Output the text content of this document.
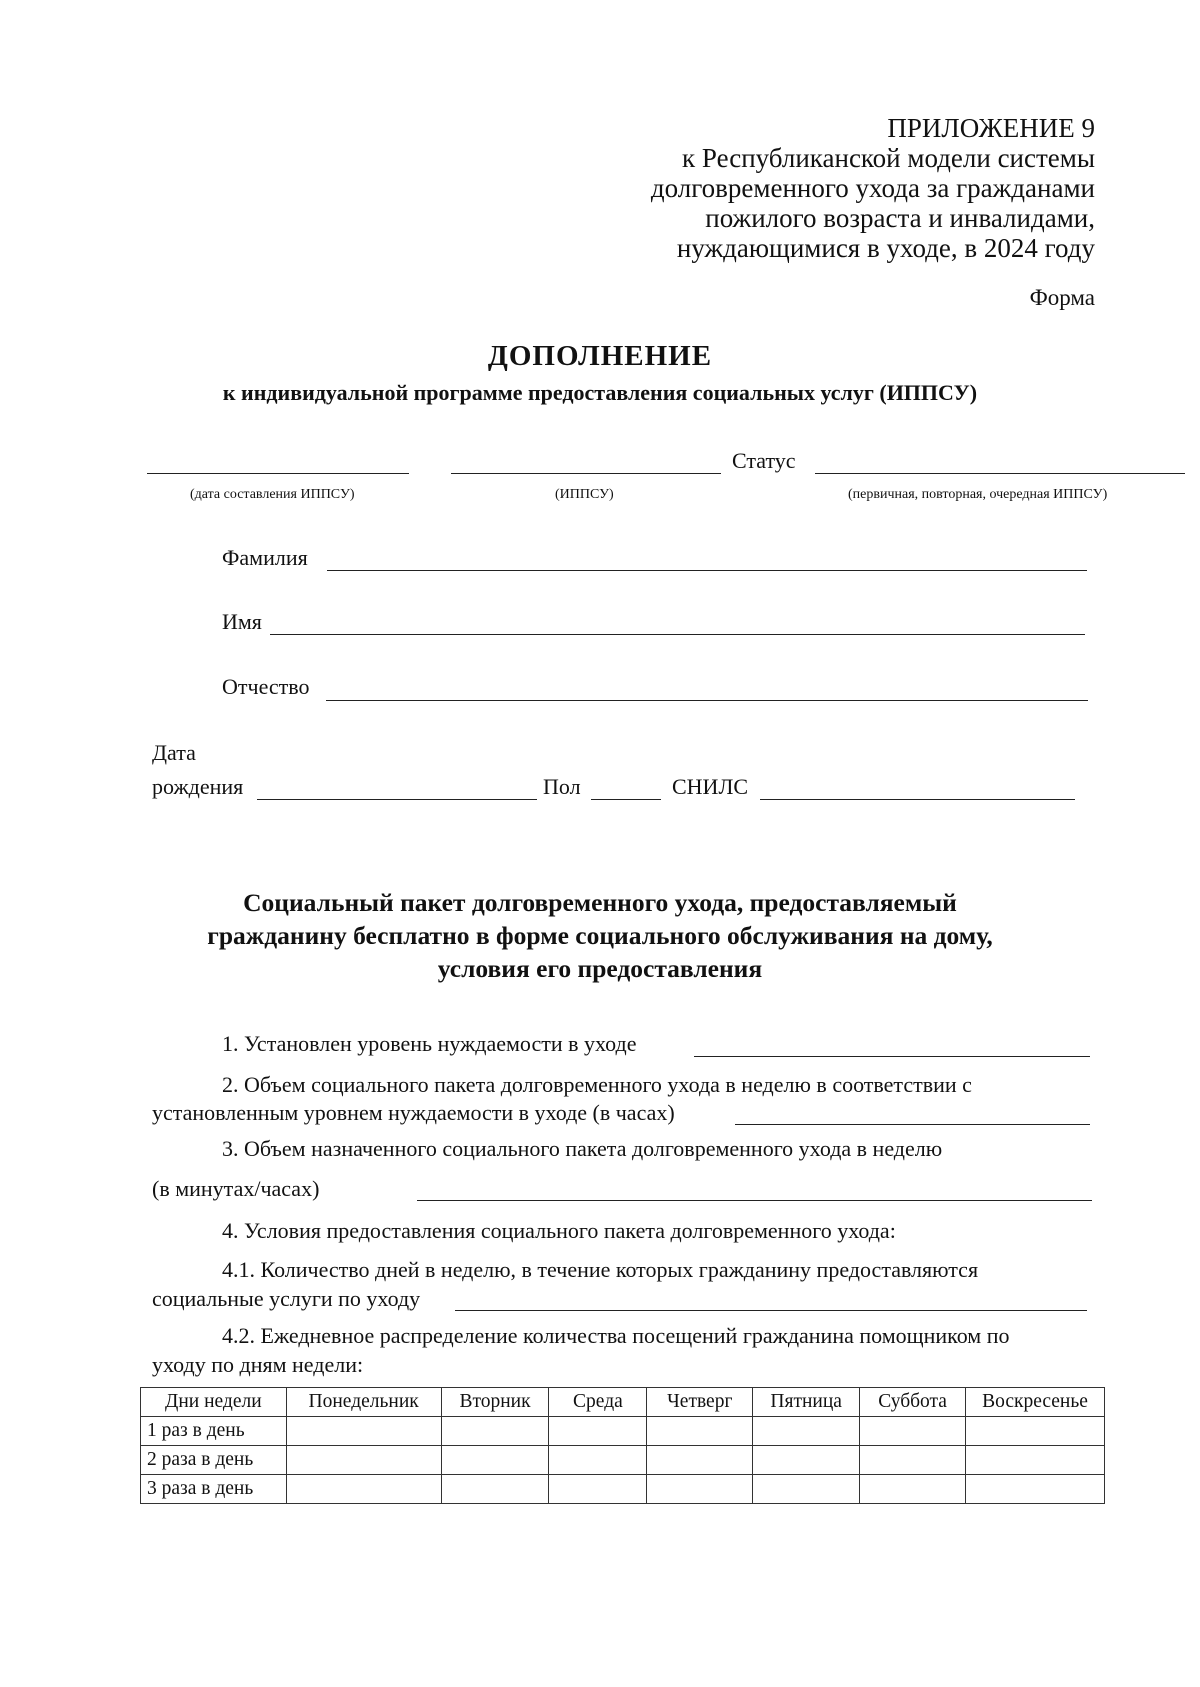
ПРИЛОЖЕНИЕ 9
к Республиканской модели системы
долговременного ухода за гражданами
пожилого возраста и инвалидами,
нуждающимися в уходе, в 2024 году
Форма
ДОПОЛНЕНИЕ
к индивидуальной программе предоставления социальных услуг (ИППСУ)
Статус
(дата составления ИППСУ)	(ИППСУ)	(первичная, повторная, очередная ИППСУ)
Фамилия
Имя
Отчество
Дата
рождения	Пол	СНИЛС
Социальный пакет долговременного ухода, предоставляемый
гражданину бесплатно в форме социального обслуживания на дому,
условия его предоставления
1. Установлен уровень нуждаемости в уходе
2. Объем социального пакета долговременного ухода в неделю в соответствии с
установленным уровнем нуждаемости в уходе (в часах)
3. Объем назначенного социального пакета долговременного ухода в неделю
(в минутах/часах)
4. Условия предоставления социального пакета долговременного ухода:
4.1. Количество дней в неделю, в течение которых гражданину предоставляются
социальные услуги по уходу
4.2. Ежедневное распределение количества посещений гражданина помощником по
уходу по дням недели:
Дни недели	Понедельник	Вторник	Среда	Четверг	Пятница	Суббота	Воскресенье
1 раз в день							
2 раза в день							
3 раза в день							
